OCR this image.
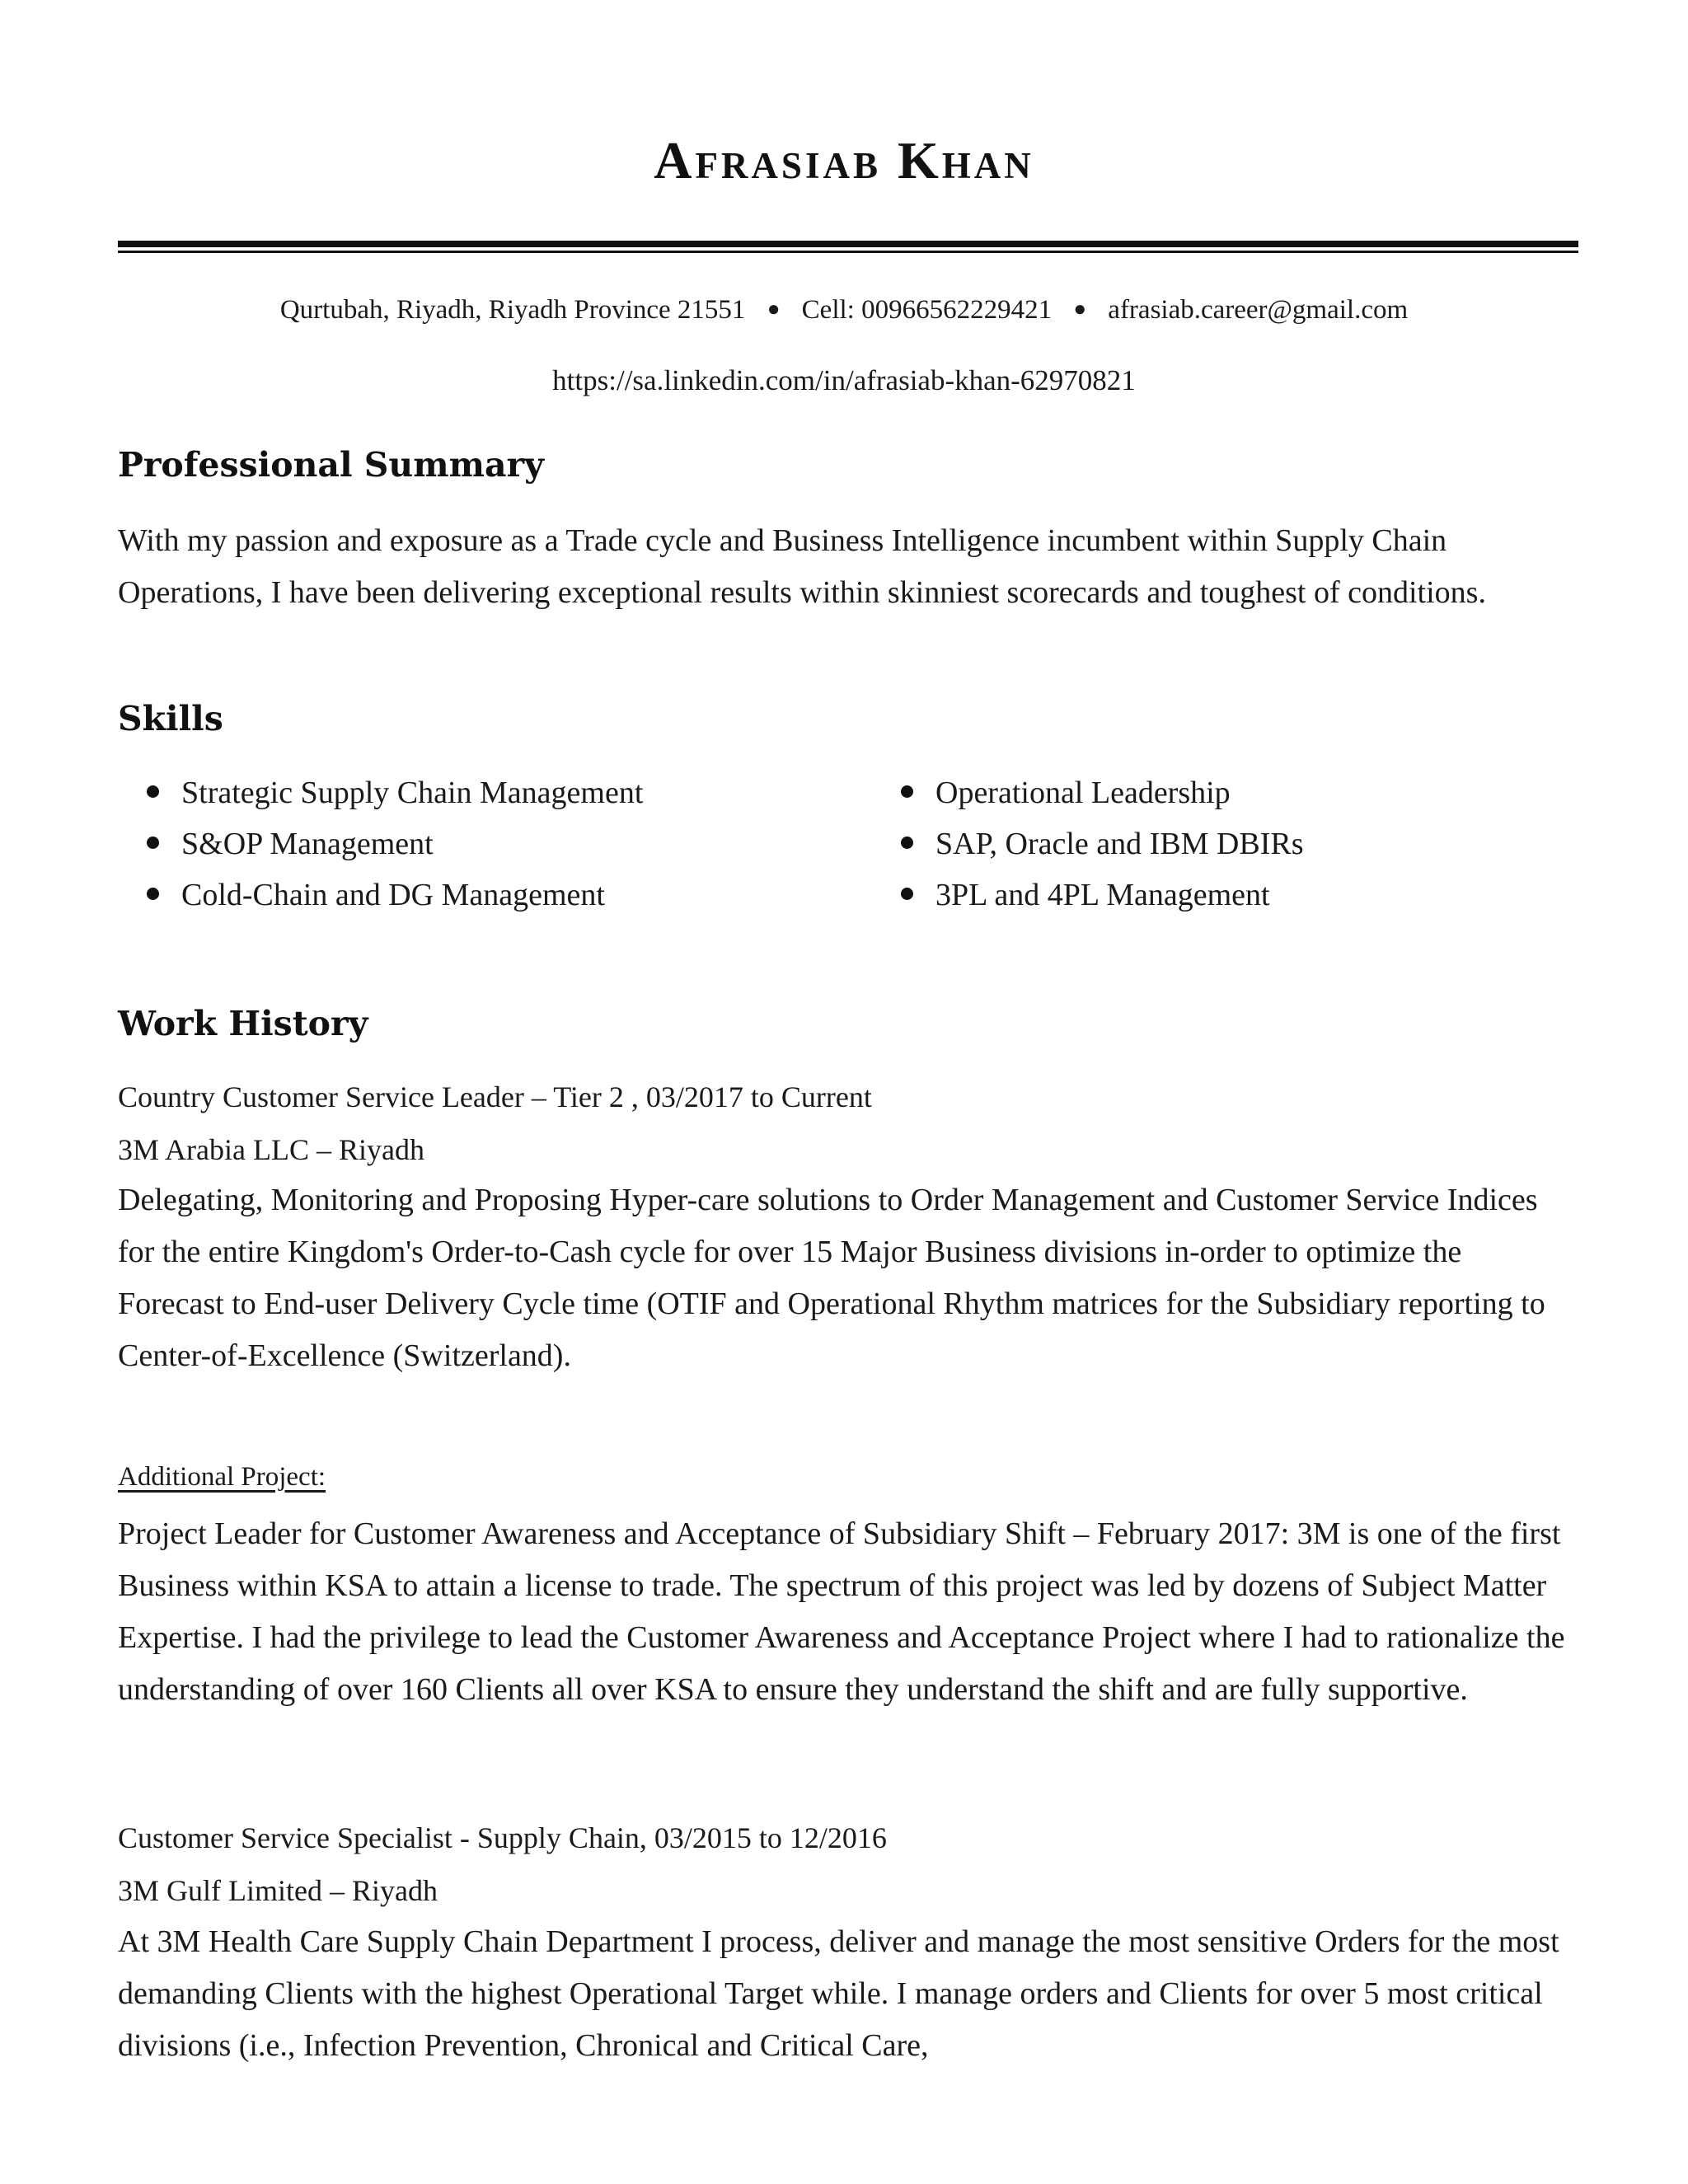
Afrasiab Khan
Qurtubah, Riyadh, Riyadh Province 21551 ● Cell: 00966562229421 ● afrasiab.career@gmail.com
https://sa.linkedin.com/in/afrasiab-khan-62970821
Professional Summary
With my passion and exposure as a Trade cycle and Business Intelligence incumbent within Supply Chain Operations, I have been delivering exceptional results within skinniest scorecards and toughest of conditions.
Skills
Strategic Supply Chain Management
S&OP Management
Cold-Chain and DG Management
Operational Leadership
SAP, Oracle and IBM DBIRs
3PL and 4PL Management
Work History
Country Customer Service Leader – Tier 2 , 03/2017 to Current
3M Arabia LLC – Riyadh
Delegating, Monitoring and Proposing Hyper-care solutions to Order Management and Customer Service Indices for the entire Kingdom's Order-to-Cash cycle for over 15 Major Business divisions in-order to optimize the Forecast to End-user Delivery Cycle time (OTIF and Operational Rhythm matrices for the Subsidiary reporting to Center-of-Excellence (Switzerland).
Additional Project:
Project Leader for Customer Awareness and Acceptance of Subsidiary Shift – February 2017: 3M is one of the first Business within KSA to attain a license to trade. The spectrum of this project was led by dozens of Subject Matter Expertise. I had the privilege to lead the Customer Awareness and Acceptance Project where I had to rationalize the understanding of over 160 Clients all over KSA to ensure they understand the shift and are fully supportive.
Customer Service Specialist - Supply Chain, 03/2015 to 12/2016
3M Gulf Limited – Riyadh
At 3M Health Care Supply Chain Department I process, deliver and manage the most sensitive Orders for the most demanding Clients with the highest Operational Target while. I manage orders and Clients for over 5 most critical divisions (i.e., Infection Prevention, Chronical and Critical Care,
